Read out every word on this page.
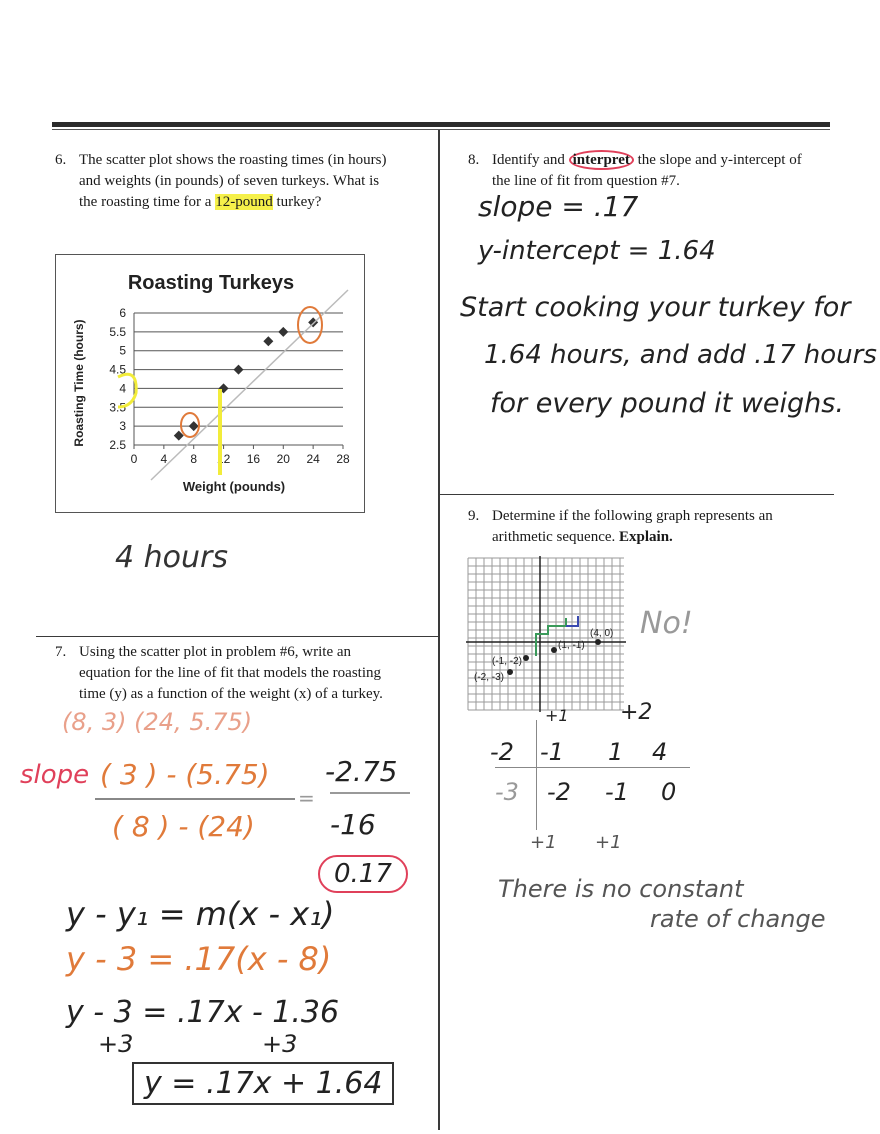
6. The scatter plot shows the roasting times (in hours)
and weights (in pounds) of seven turkeys. What is
the roasting time for a 12-pound turkey?
Roasting Turkeys
Weight (pounds)
Roasting Time (hours) 2.5
3
3.5
4
4.5
5
5.5
6
0 4 8 12 16 20 24 28
4 hours
7. Using the scatter plot in problem #6, write an
equation for the line of fit that models the roasting
time (y) as a function of the weight (x) of a turkey.
(8, 3) (24, 5.75)
slope ( 3 ) - (5.75)
( 8 ) - (24)
=
-2.75
-16
0.17
y - y₁ = m(x - x₁)
y - 3 = .17(x - 8)
y - 3 = .17x - 1.36
+3	+3
y = .17x + 1.64
8. Identify and interpret the slope and y-intercept of
the line of fit from question #7.
slope = .17
y-intercept = 1.64
Start cooking your turkey for
1.64 hours, and add .17 hours
for every pound it weighs.
9. Determine if the following graph represents an
arithmetic sequence. Explain.
(4, 0)
(1, -1)
(-1, -2)
(-2, -3)
No!
+1 +2
-2 -1 1 4
-3 -2 -1 0
+1 +1
There is no constant
rate of change
